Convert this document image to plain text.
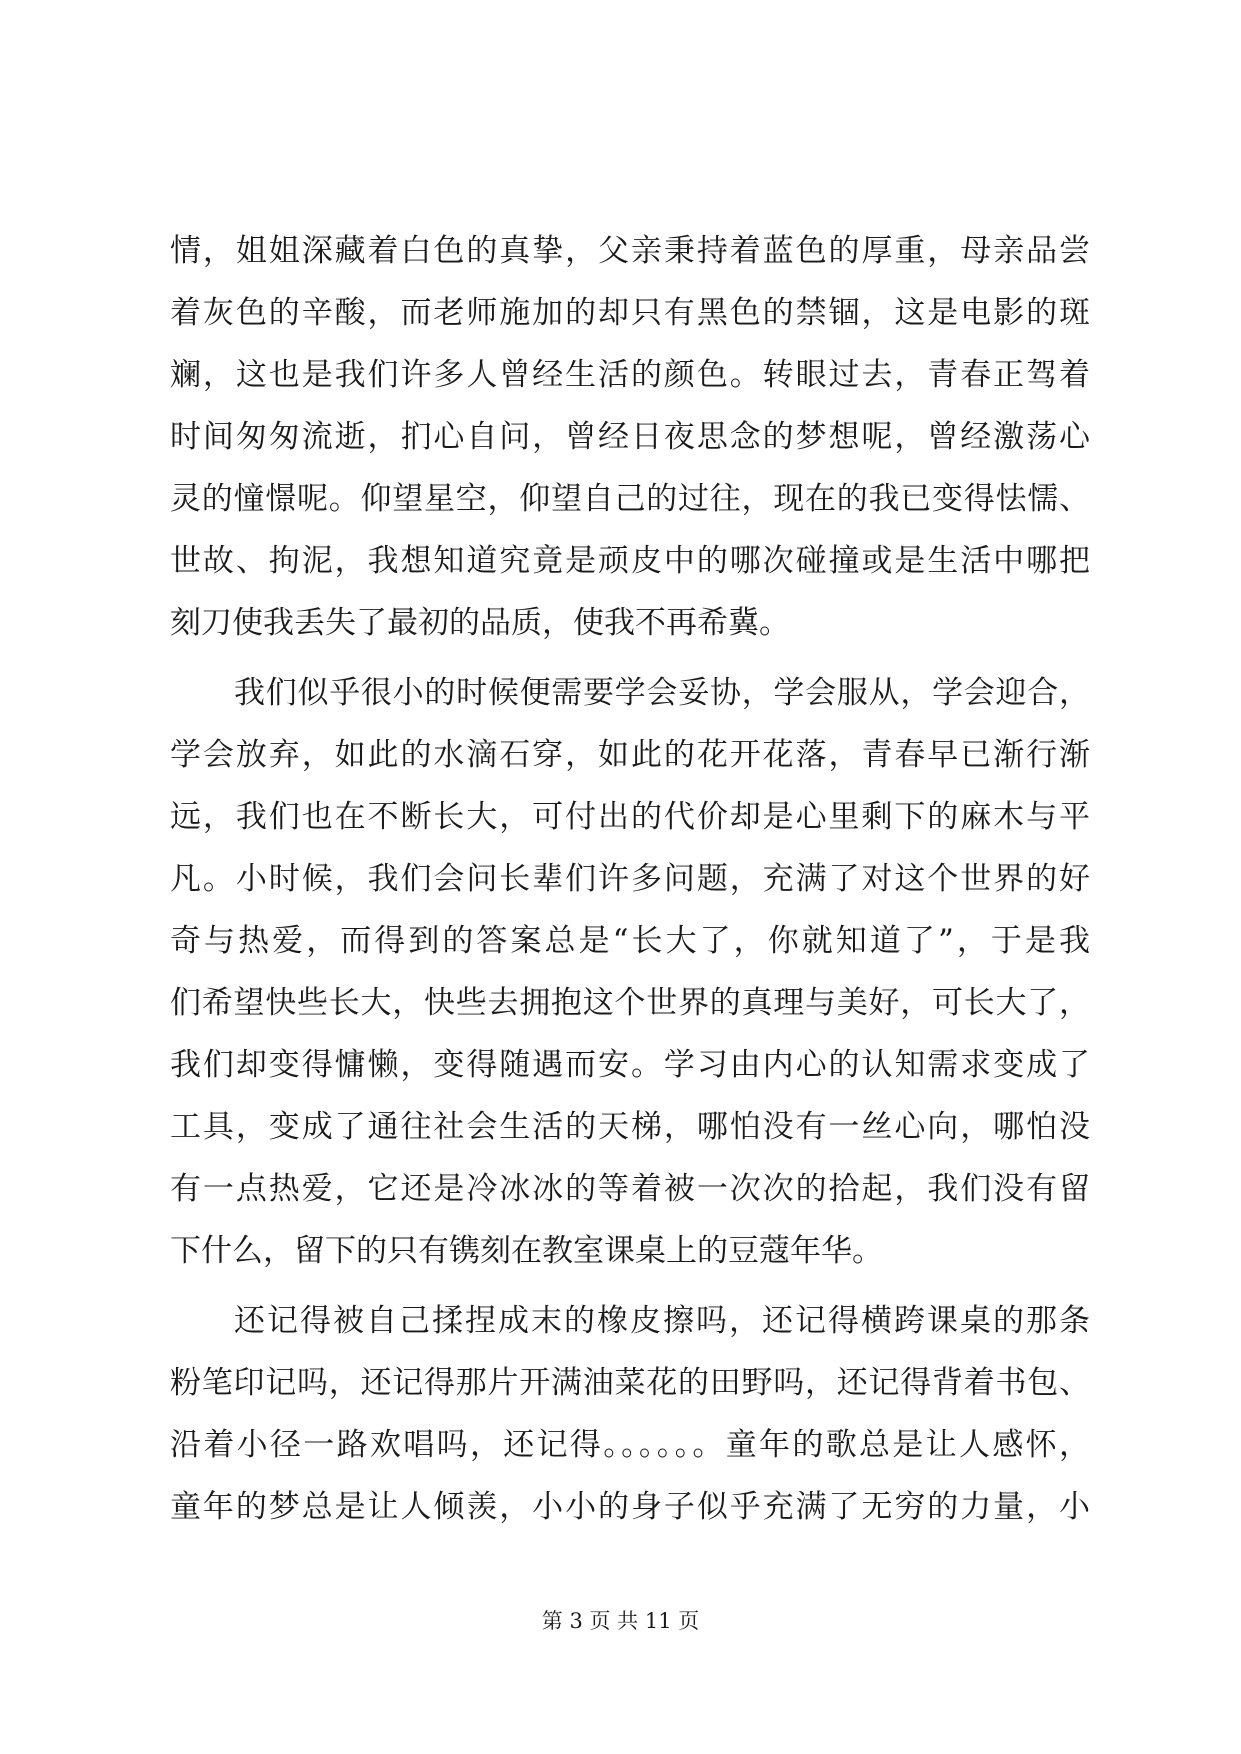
情，姐姐深藏着白色的真挚，父亲秉持着蓝色的厚重，母亲品尝
着灰色的辛酸，而老师施加的却只有黑色的禁锢，这是电影的斑
斓，这也是我们许多人曾经生活的颜色。转眼过去，青春正驾着
时间匆匆流逝，扪心自问，曾经日夜思念的梦想呢，曾经激荡心
灵的憧憬呢。仰望星空，仰望自己的过往，现在的我已变得怯懦、
世故、拘泥，我想知道究竟是顽皮中的哪次碰撞或是生活中哪把
刻刀使我丢失了最初的品质，使我不再希冀。
我们似乎很小的时候便需要学会妥协，学会服从，学会迎合，
学会放弃，如此的水滴石穿，如此的花开花落，青春早已渐行渐
远，我们也在不断长大，可付出的代价却是心里剩下的麻木与平
凡。小时候，我们会问长辈们许多问题，充满了对这个世界的好
奇与热爱，而得到的答案总是“长大了，你就知道了”，于是我
们希望快些长大，快些去拥抱这个世界的真理与美好，可长大了，
我们却变得慵懒，变得随遇而安。学习由内心的认知需求变成了
工具，变成了通往社会生活的天梯，哪怕没有一丝心向，哪怕没
有一点热爱，它还是冷冰冰的等着被一次次的拾起，我们没有留
下什么，留下的只有镌刻在教室课桌上的豆蔻年华。
还记得被自己揉捏成末的橡皮擦吗，还记得横跨课桌的那条
粉笔印记吗，还记得那片开满油菜花的田野吗，还记得背着书包、
沿着小径一路欢唱吗，还记得。。。。。。童年的歌总是让人感怀，
童年的梦总是让人倾羡，小小的身子似乎充满了无穷的力量，小
第 3 页 共 11 页
